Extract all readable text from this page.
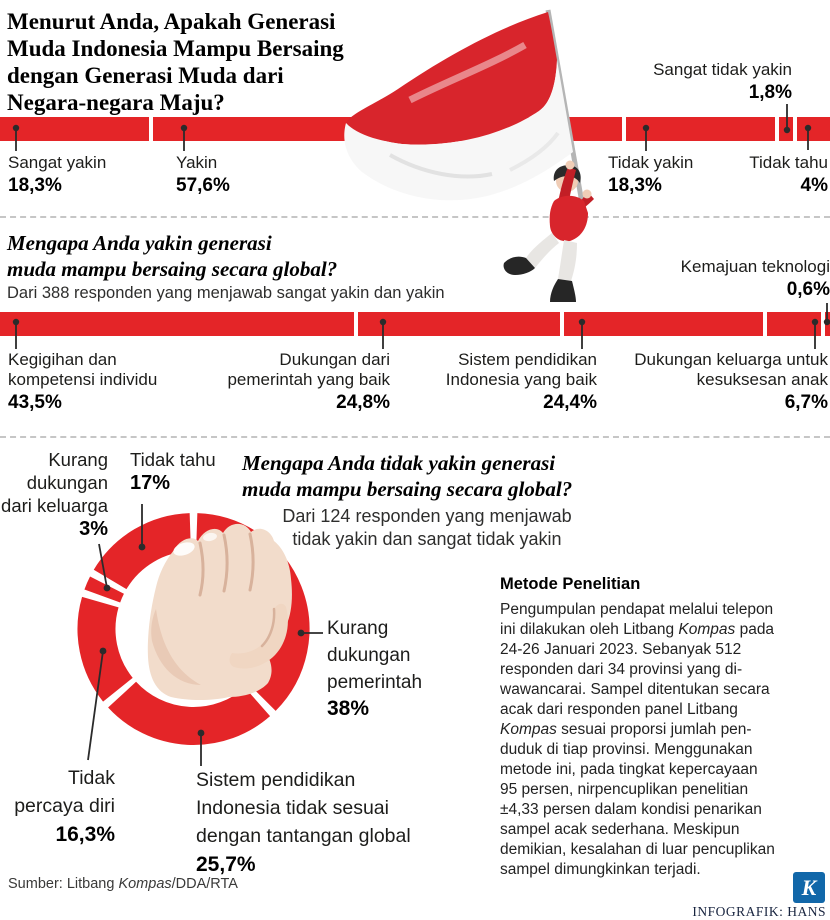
Menurut Anda, Apakah Generasi
Muda Indonesia Mampu Bersaing
dengan Generasi Muda dari
Negara-negara Maju?
Sangat yakin
18,3%
Yakin
57,6%
Tidak yakin
18,3%
Tidak tahu
4%
Sangat tidak yakin
1,8%
Mengapa Anda yakin generasi
muda mampu bersaing secara global?
Dari 388 responden yang menjawab sangat yakin dan yakin
Kemajuan teknologi
0,6%
Kegigihan dan
kompetensi individu
43,5%
Dukungan dari
pemerintah yang baik
24,8%
Sistem pendidikan
Indonesia yang baik
24,4%
Dukungan keluarga untuk
kesuksesan anak
6,7%
Mengapa Anda tidak yakin generasi
muda mampu bersaing secara global?
Dari 124 responden yang menjawab
tidak yakin dan sangat tidak yakin
Kurang
dukungan
dari keluarga
3%
Tidak tahu
17%
Kurang
dukungan
pemerintah
38%
Sistem pendidikan
Indonesia tidak sesuai
dengan tantangan global
25,7%
Tidak
percaya diri
16,3%
Metode Penelitian
Pengumpulan pendapat melalui telepon
ini dilakukan oleh Litbang Kompas pada
24-26 Januari 2023. Sebanyak 512
responden dari 34 provinsi yang di-
wawancarai. Sampel ditentukan secara
acak dari responden panel Litbang
Kompas sesuai proporsi jumlah pen-
duduk di tiap provinsi. Menggunakan
metode ini, pada tingkat kepercayaan
95 persen, nirpencuplikan penelitian
±4,33 persen dalam kondisi penarikan
sampel acak sederhana. Meskipun
demikian, kesalahan di luar pencuplikan
sampel dimungkinkan terjadi.
Sumber: Litbang Kompas/DDA/RTA	K
INFOGRAFIK: HANS
